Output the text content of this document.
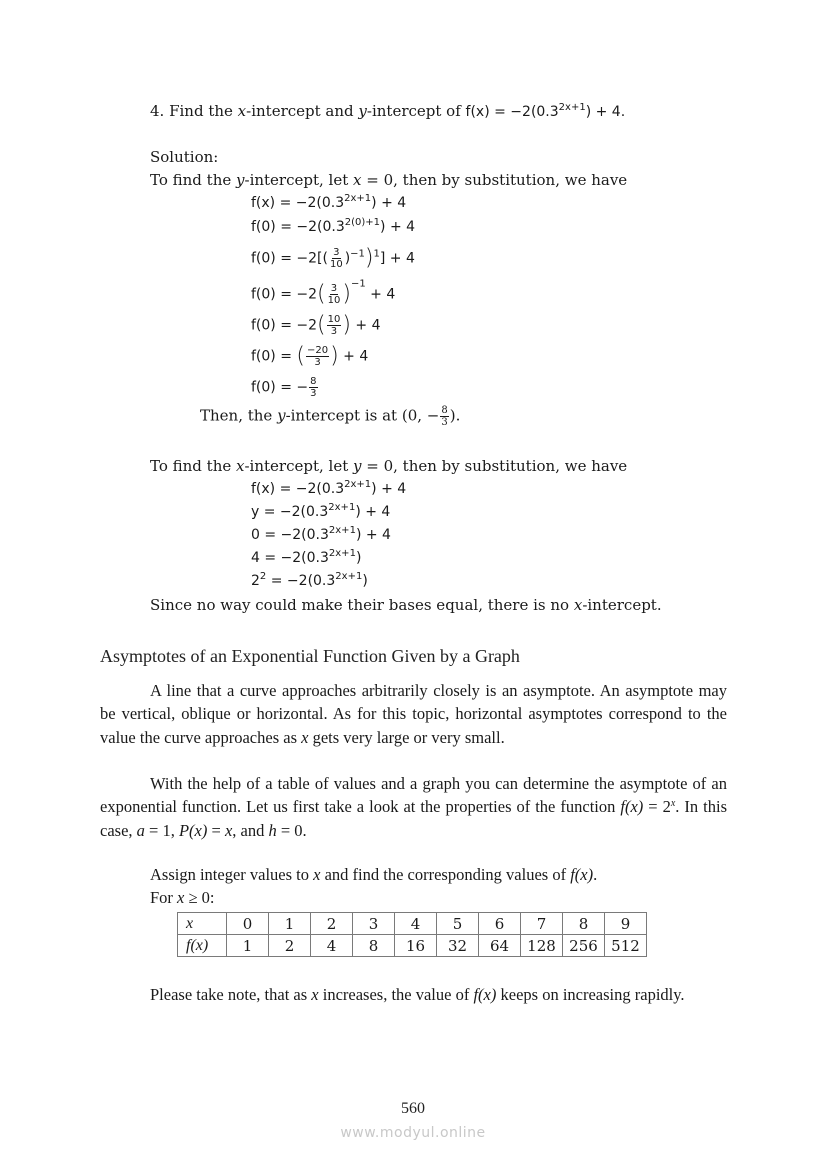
4. Find the x-intercept and y-intercept of $f(x) = -2(0.3^{2x+1}) + 4$.
Solution:
To find the y-intercept, let x = 0, then by substitution, we have
$f(x) = -2(0.3^{2x+1}) + 4$
$f(0) = -2(0.3^{2(0)+1}) + 4$
$f(0) = -2[( \frac{3}{10} )^{-1})^1] + 4$
$f(0) = -2( \frac{3}{10} )^{-1} + 4$
$f(0) = -2( \frac{10}{3}$ ) + 4
f(0) = ( $\frac{-20}{3}$ ) + 4
f(0) = − $\frac{8}{3}$
Then, the y-intercept is at (0, − $\frac{8}{3}$ ).
To find the x-intercept, let y = 0, then by substitution, we have
$f(x) = -2(0.3^{2x+1}) + 4$
$y = -2(0.3^{2x+1}) + 4$
$0 = -2(0.3^{2x+1}) + 4$
$4 = -2(0.3^{2x+1})$
$2^2 = -2(0.3^{2x+1})$
Since no way could make their bases equal, there is no x-intercept.
Asymptotes of an Exponential Function Given by a Graph
A line that a curve approaches arbitrarily closely is an asymptote. An asymptote may be vertical, oblique or horizontal. As for this topic, horizontal asymptotes correspond to the value the curve approaches as x gets very large or very small.
With the help of a table of values and a graph you can determine the asymptote of an exponential function. Let us first take a look at the properties of the function $f(x) = 2^x$. In this case, a = 1, P(x) = x, and h = 0.
Assign integer values to x and find the corresponding values of f(x).
For x ≥ 0:
x	0	1	2	3	4	5	6	7	8	9
f(x)	1	2	4	8	16	32	64	128	256	512
Please take note, that as x increases, the value of f(x) keeps on increasing rapidly.
560
www.modyul.online
